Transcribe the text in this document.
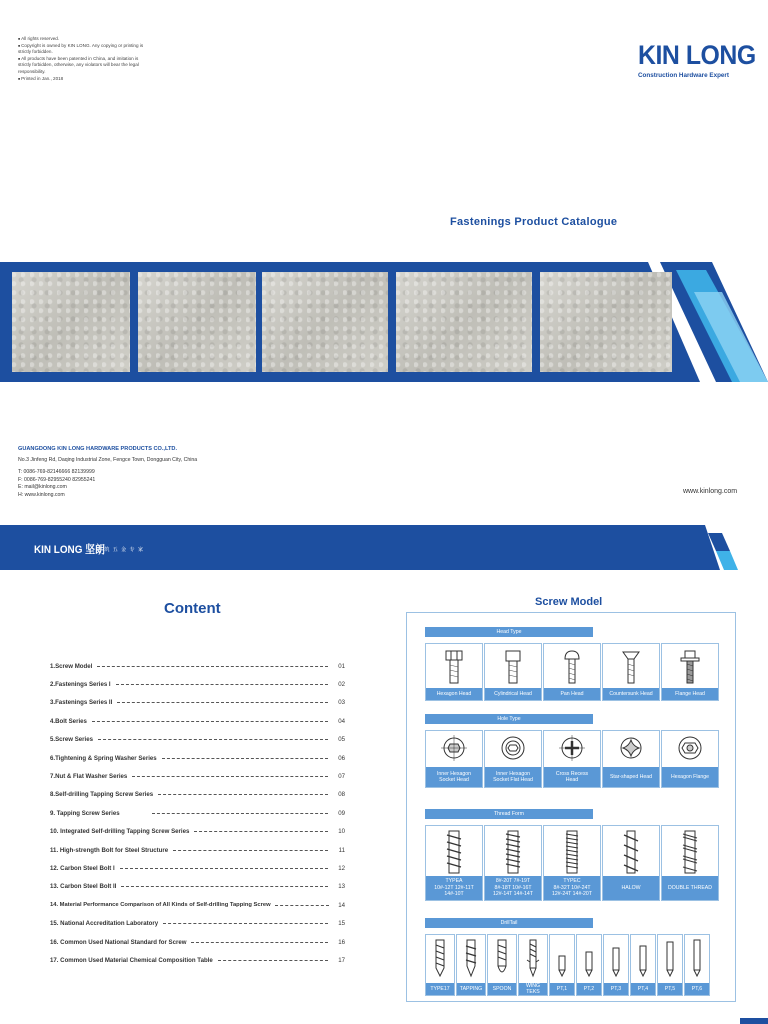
■ All rights reserved.
■ Copyright is owned by KIN LONG. Any copying or printing is strictly forbidden.
■ All products have been patented in China, and imitation is strictly forbidden, otherwise, any violators will bear the legal responsibility.
■ Printed in Jan., 2018
KIN LONG
Construction Hardware Expert
Fastenings Product Catalogue
GUANGDONG KIN LONG HARDWARE PRODUCTS CO.,LTD.
No.3 Jinfeng Rd, Daqing Industrial Zone, Fengce Town, Dongguan City, China
T: 0086-769-82146666 82139999
F: 0086-769-82955240 82955241
E: mail@kinlong.com
H: www.kinlong.com	www.kinlong.com
KIN LONG 坚朗
建 筑 五 金 专 家
Content
1.Screw Model	01
2.Fastenings Series I	02
3.Fastenings Series II	03
4.Bolt Series	04
5.Screw Series	05
6.Tightening & Spring Washer Series	06
7.Nut & Flat Washer Series	07
8.Self-drilling Tapping Screw Series	08
9. Tapping Screw Series	09
10. Integrated Self-drilling Tapping Screw Series	10
11. High-strength Bolt for Steel Structure	11
12. Carbon Steel Bolt I	12
13. Carbon Steel Bolt II	13
14. Material Performance Comparison of All Kinds of Self-drilling Tapping Screw	14
15. National Accreditation Laboratory	15
16. Common Used National Standard for Screw	16
17. Common Used Material Chemical Composition Table	17
Screw Model
Head Type
Hexagon Head	Cylindrical Head	Pan Head	Countersunk Head	Flange Head
Hole Type
Inner Hexagon
Socket Head
Inner Hexagon
Socket Flat Head
Cross Recess
Head
Star-shaped Head	Hexagon Flange
Thread Form
TYPEA
10#-12T 12#-11T
14#-10T
8#-20T 7#-19T
8#-18T 10#-16T
12#-14T 14#-14T
TYPEC
8#-32T 10#-24T
12#-24T 14#-20T
HALOW	DOUBLE THREAD
DrillTail
TYPE17	TAPPING	SPOON
WING TEKS
PT,1	PT,2	PT,3	PT,4	PT,5	PT,6
